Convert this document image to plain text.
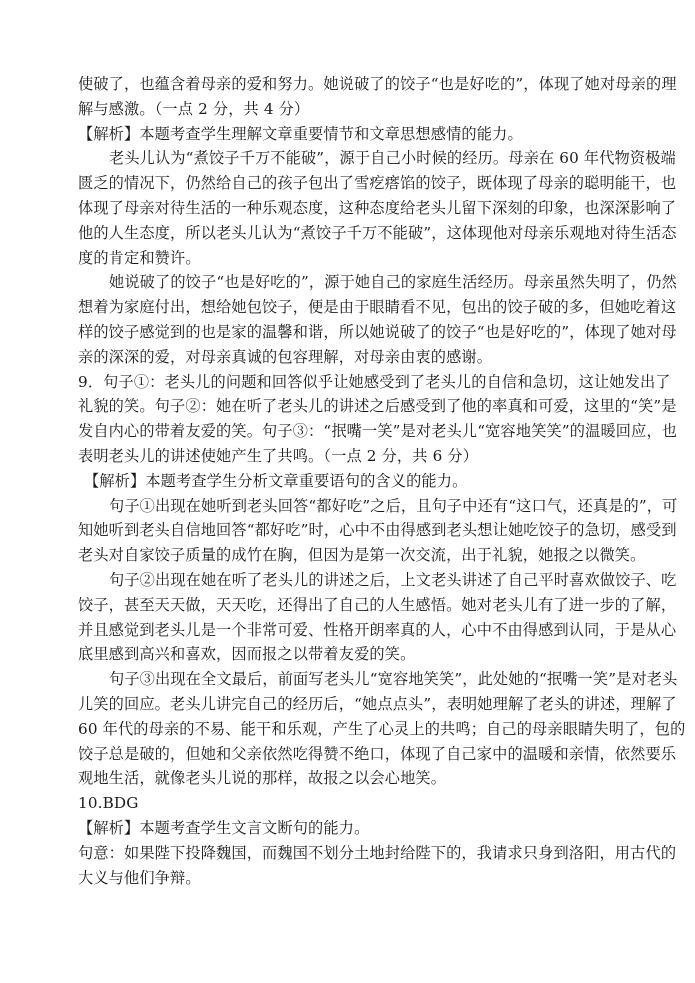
使破了，也蕴含着母亲的爱和努力。她说破了的饺子“也是好吃的”，体现了她对母亲的理
解与感激。（一点 2 分，共 4 分）
【解析】本题考查学生理解文章重要情节和文章思想感情的能力。
老头儿认为“煮饺子千万不能破”，源于自己小时候的经历。母亲在 60 年代物资极端
匮乏的情况下，仍然给自己的孩子包出了雪疙瘩馅的饺子，既体现了母亲的聪明能干，也
体现了母亲对待生活的一种乐观态度，这种态度给老头儿留下深刻的印象，也深深影响了
他的人生态度，所以老头儿认为“煮饺子千万不能破”，这体现他对母亲乐观地对待生活态
度的肯定和赞许。
她说破了的饺子“也是好吃的”，源于她自己的家庭生活经历。母亲虽然失明了，仍然
想着为家庭付出，想给她包饺子，便是由于眼睛看不见，包出的饺子破的多，但她吃着这
样的饺子感觉到的也是家的温馨和谐，所以她说破了的饺子“也是好吃的”，体现了她对母
亲的深深的爱，对母亲真诚的包容理解，对母亲由衷的感谢。
9．句子①：老头儿的问题和回答似乎让她感受到了老头儿的自信和急切，这让她发出了
礼貌的笑。句子②：她在听了老头儿的讲述之后感受到了他的率真和可爱，这里的“笑”是
发自内心的带着友爱的笑。句子③：“抿嘴一笑”是对老头儿“宽容地笑笑”的温暖回应，也
表明老头儿的讲述使她产生了共鸣。（一点 2 分，共 6 分）
【解析】本题考查学生分析文章重要语句的含义的能力。
句子①出现在她听到老头回答“都好吃”之后，且句子中还有“这口气，还真是的”，可
知她听到老头自信地回答“都好吃”时，心中不由得感到老头想让她吃饺子的急切，感受到
老头对自家饺子质量的成竹在胸，但因为是第一次交流，出于礼貌，她报之以微笑。
句子②出现在她在听了老头儿的讲述之后，上文老头讲述了自己平时喜欢做饺子、吃
饺子，甚至天天做，天天吃，还得出了自己的人生感悟。她对老头儿有了进一步的了解，
并且感觉到老头儿是一个非常可爱、性格开朗率真的人，心中不由得感到认同，于是从心
底里感到高兴和喜欢，因而报之以带着友爱的笑。
句子③出现在全文最后，前面写老头儿“宽容地笑笑”，此处她的“抿嘴一笑”是对老头
儿笑的回应。老头儿讲完自己的经历后，“她点点头”，表明她理解了老头的讲述，理解了
60 年代的母亲的不易、能干和乐观，产生了心灵上的共鸣；自己的母亲眼睛失明了，包的
饺子总是破的，但她和父亲依然吃得赞不绝口，体现了自己家中的温暖和亲情，依然要乐
观地生活，就像老头儿说的那样，故报之以会心地笑。
10.BDG
【解析】本题考查学生文言文断句的能力。
句意：如果陛下投降魏国，而魏国不划分土地封给陛下的，我请求只身到洛阳，用古代的
大义与他们争辩。
